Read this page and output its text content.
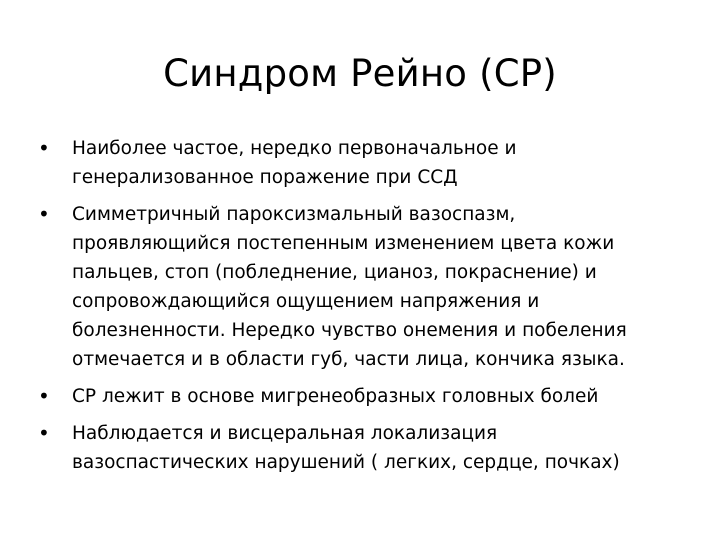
Синдром Рейно (СР)
• Наиболее частое, нередко первоначальное и
генерализованное поражение при ССД
• Симметричный пароксизмальный вазоспазм,
проявляющийся постепенным изменением цвета кожи
пальцев, стоп (побледнение, цианоз, покраснение) и
сопровождающийся ощущением напряжения и
болезненности. Нередко чувство онемения и побеления
отмечается и в области губ, части лица, кончика языка.
• СР лежит в основе мигренеобразных головных болей
• Наблюдается и висцеральная локализация
вазоспастических нарушений ( легких, сердце, почках)
